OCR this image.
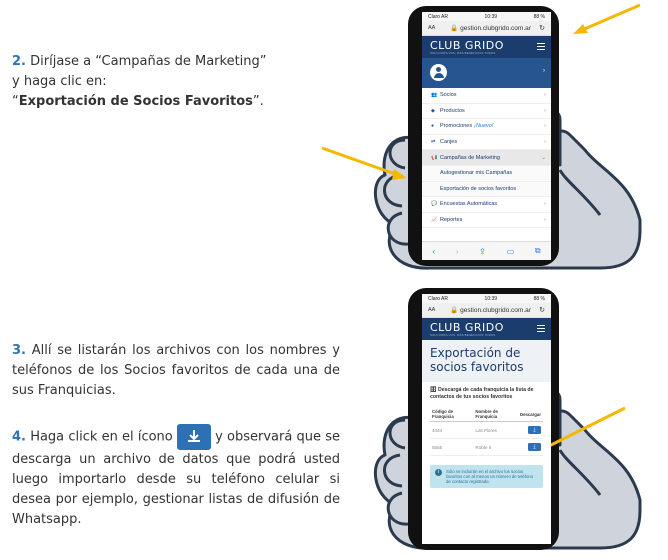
Claro AR	10:39	88 %
AA	🔒 gestion.clubgrido.com.ar	↻
CLUB GRIDO
SOLO PARA VOS, MÁS BENEFICIOS TODOS
›
👥 Socios	›
◆ Productos	›
●	Promociones ¡Nuevo!	›
⇄ Canjes	›
📢 Campañas de Marketing	⌄
Autogestionar mis Campañas
Exportación de socios favoritos
💬 Encuestas Automáticas	›
📈 Reportes	›
‹	›	⇪	▭	⧉
Claro AR	10:39	88 %
AA	🔒 gestion.clubgrido.com.ar	↻
CLUB GRIDO
SOLO PARA VOS, MÁS BENEFICIOS TODOS
Exportación de socios favoritos
🗄 Descargá de cada franquicia la lista de contactos de tus socios favoritos
Código de Franquicia	Nombre de Franquicia	Descargar
4444	Las Flores	⤓
5555	Roble II	⤓
i	Sólo se incluirán en el archivo los socios favoritos con al menos un número de teléfono de contacto registrado.
2. Diríjase a “Campañas de Marketing”
y haga clic en:
“Exportación de Socios Favoritos”.
3. Allí se listarán los archivos con los nombres y teléfonos de los Socios favoritos de cada una de sus Franquicias.
4. Haga click en el ícono	y observará que se descarga un archivo de datos que podrá usted luego importarlo desde su teléfono celular si desea por ejemplo, gestionar listas de difusión de Whatsapp.
